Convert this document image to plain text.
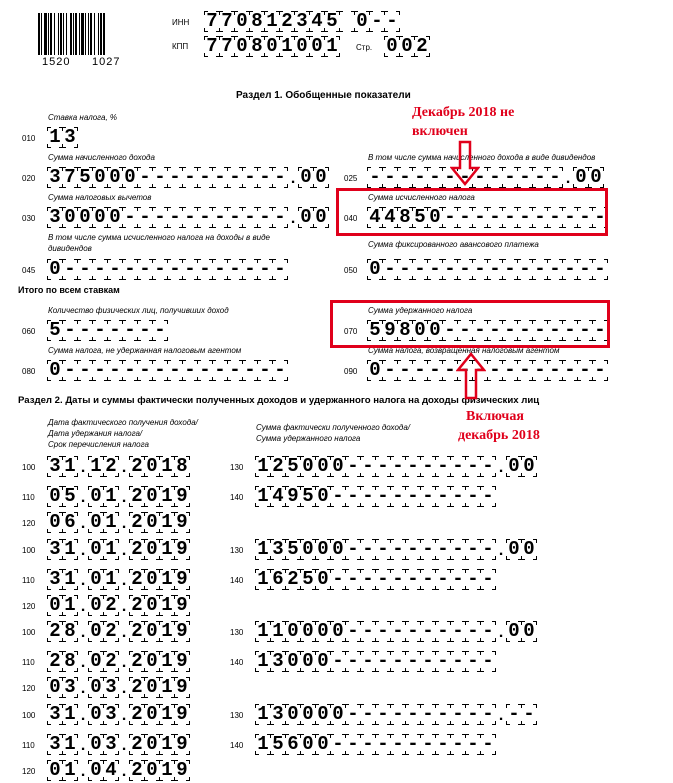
1520 1027
ИНН 7 7 0 8 1 2 3 4 5 0 - -
КПП 7 7 0 8 0 1 0 0 1 Стр. 0 0 2
Раздел 1. Обобщенные показатели
Ставка налога, %
010 1 3
Сумма начисленного дохода
020 3 7 5 0 0 0 - - - - - - - - - - . 0 0
В том числе сумма начисленного дохода в виде дивидендов
025 - - - - - - - - - - - - - . 0 0
Сумма налоговых вычетов
030 3 0 0 0 0 - - - - - - - - - - - . 0 0
Сумма исчисленного налога
040 4 4 8 5 0 - - - - - - - - - - -
В том числе сумма исчисленного налога на доходы в виде
дивидендов
045 0 - - - - - - - - - - - - - - -
Сумма фиксированного авансового платежа
050 0 - - - - - - - - - - - - - - -
Итого по всем ставкам
Количество физических лиц, получивших доход
060 5 - - - - - - -
Сумма удержанного налога
070 5 9 8 0 0 - - - - - - - - - - -
Сумма налога, не удержанная налоговым агентом
080 0 - - - - - - - - - - - - - - -
Сумма налога, возвращенная налоговым агентом
090 0 - - - - - - - - - - - - - - -
Раздел 2. Даты и суммы фактически полученных доходов и удержанного налога на доходы физических лиц
Дата фактического получения дохода/
Дата удержания налога/
Срок перечисления налога
Сумма фактически полученного дохода/
Сумма удержанного налога
100 3 1 . 1 2 . 2 0 1 8
110 0 5 . 0 1 . 2 0 1 9
120 0 6 . 0 1 . 2 0 1 9
130 1 2 5 0 0 0 - - - - - - - - - - . 0 0
140 1 4 9 5 0 - - - - - - - - - - -
100 3 1 . 0 1 . 2 0 1 9
110 3 1 . 0 1 . 2 0 1 9
120 0 1 . 0 2 . 2 0 1 9
130 1 3 5 0 0 0 - - - - - - - - - - . 0 0
140 1 6 2 5 0 - - - - - - - - - - -
100 2 8 . 0 2 . 2 0 1 9
110 2 8 . 0 2 . 2 0 1 9
120 0 3 . 0 3 . 2 0 1 9
130 1 1 0 0 0 0 - - - - - - - - - - . 0 0
140 1 3 0 0 0 - - - - - - - - - - -
100 3 1 . 0 3 . 2 0 1 9
110 3 1 . 0 3 . 2 0 1 9
120 0 1 . 0 4 . 2 0 1 9
130 1 3 0 0 0 0 - - - - - - - - - - . - -
140 1 5 6 0 0 - - - - - - - - - - -
Декабрь 2018 не
включен
Включая
декабрь 2018
